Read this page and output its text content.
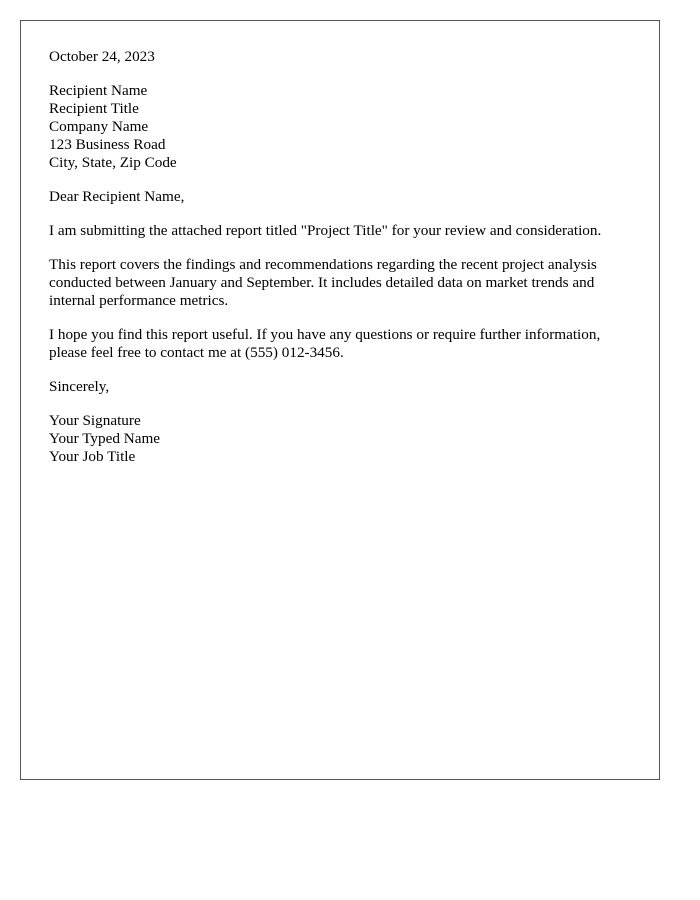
October 24, 2023
Recipient Name
Recipient Title
Company Name
123 Business Road
City, State, Zip Code
Dear Recipient Name,

I am submitting the attached report titled "Project Title" for your review and consideration.

This report covers the findings and recommendations regarding the recent project analysis conducted between January and September. It includes detailed data on market trends and internal performance metrics.

I hope you find this report useful. If you have any questions or require further information, please feel free to contact me at (555) 012-3456.

Sincerely,
Your Signature
Your Typed Name
Your Job Title
